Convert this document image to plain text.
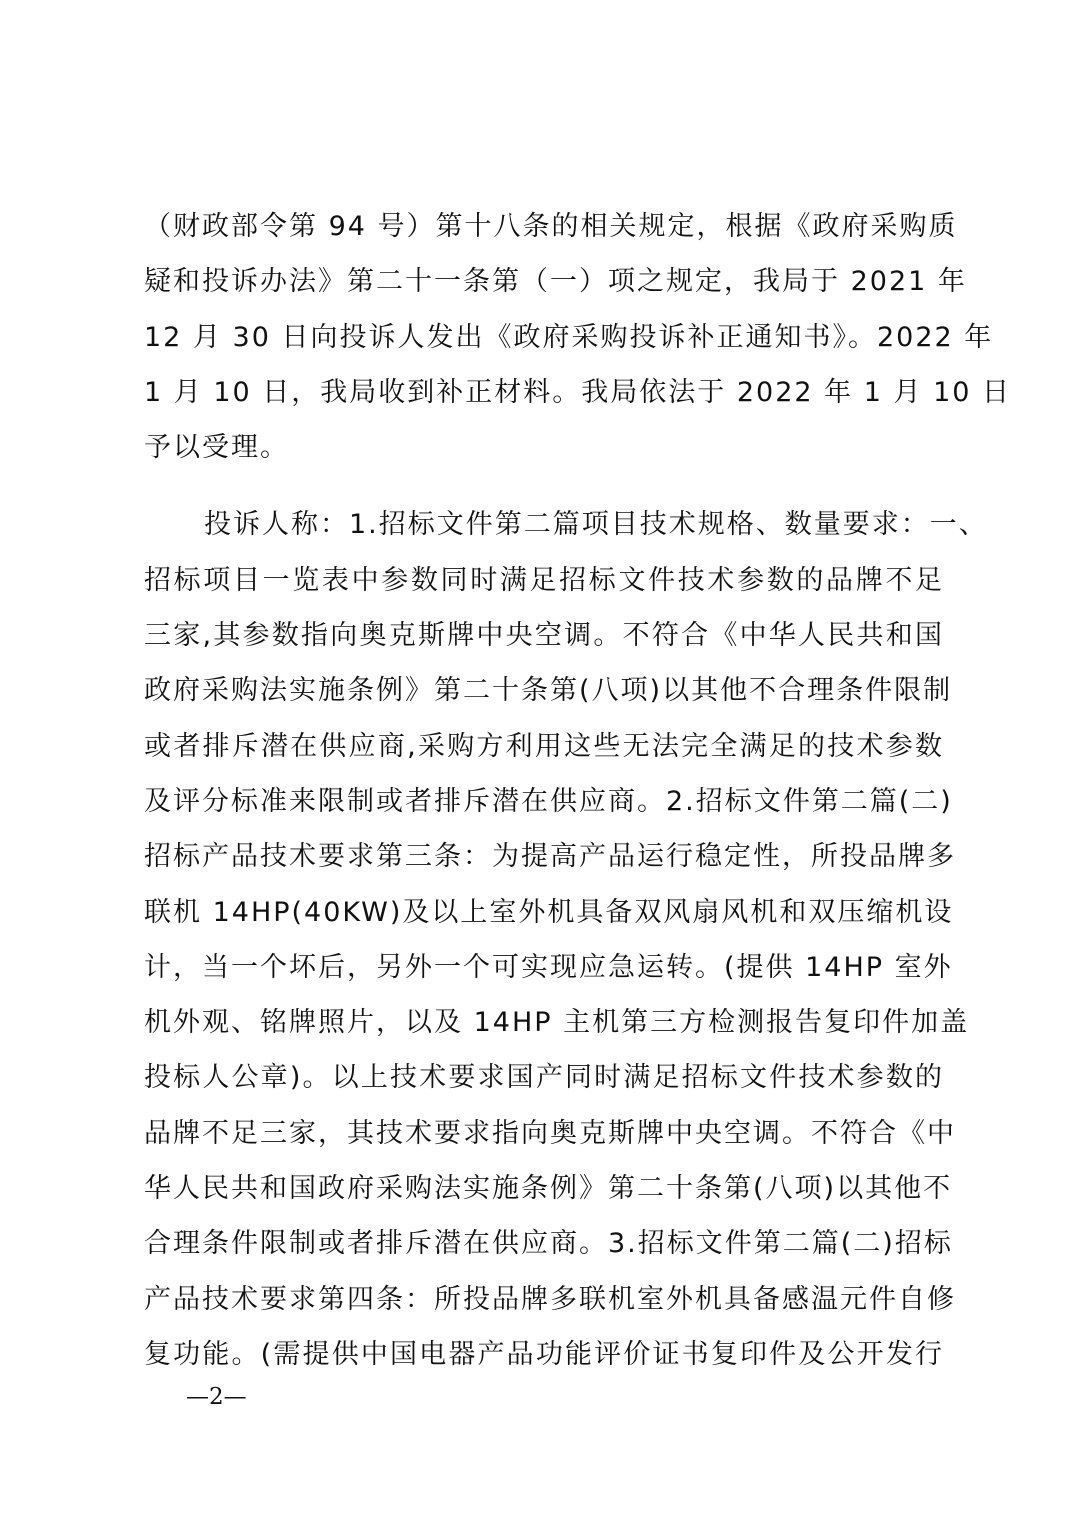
（财政部令第 94 号）第十八条的相关规定，根据《政府采购质
疑和投诉办法》第二十一条第（一）项之规定，我局于 2021 年
12 月 30 日向投诉人发出《政府采购投诉补正通知书》。2022 年
1 月 10 日，我局收到补正材料。我局依法于 2022 年 1 月 10 日
予以受理。
投诉人称：1.招标文件第二篇项目技术规格、数量要求：一、
招标项目一览表中参数同时满足招标文件技术参数的品牌不足
三家,其参数指向奥克斯牌中央空调。不符合《中华人民共和国
政府采购法实施条例》第二十条第(八项)以其他不合理条件限制
或者排斥潜在供应商,采购方利用这些无法完全满足的技术参数
及评分标准来限制或者排斥潜在供应商。2.招标文件第二篇(二)
招标产品技术要求第三条：为提高产品运行稳定性，所投品牌多
联机 14HP(40KW)及以上室外机具备双风扇风机和双压缩机设
计，当一个坏后，另外一个可实现应急运转。(提供 14HP 室外
机外观、铭牌照片，以及 14HP 主机第三方检测报告复印件加盖
投标人公章)。以上技术要求国产同时满足招标文件技术参数的
品牌不足三家，其技术要求指向奥克斯牌中央空调。不符合《中
华人民共和国政府采购法实施条例》第二十条第(八项)以其他不
合理条件限制或者排斥潜在供应商。3.招标文件第二篇(二)招标
产品技术要求第四条：所投品牌多联机室外机具备感温元件自修
复功能。(需提供中国电器产品功能评价证书复印件及公开发行
—2—
